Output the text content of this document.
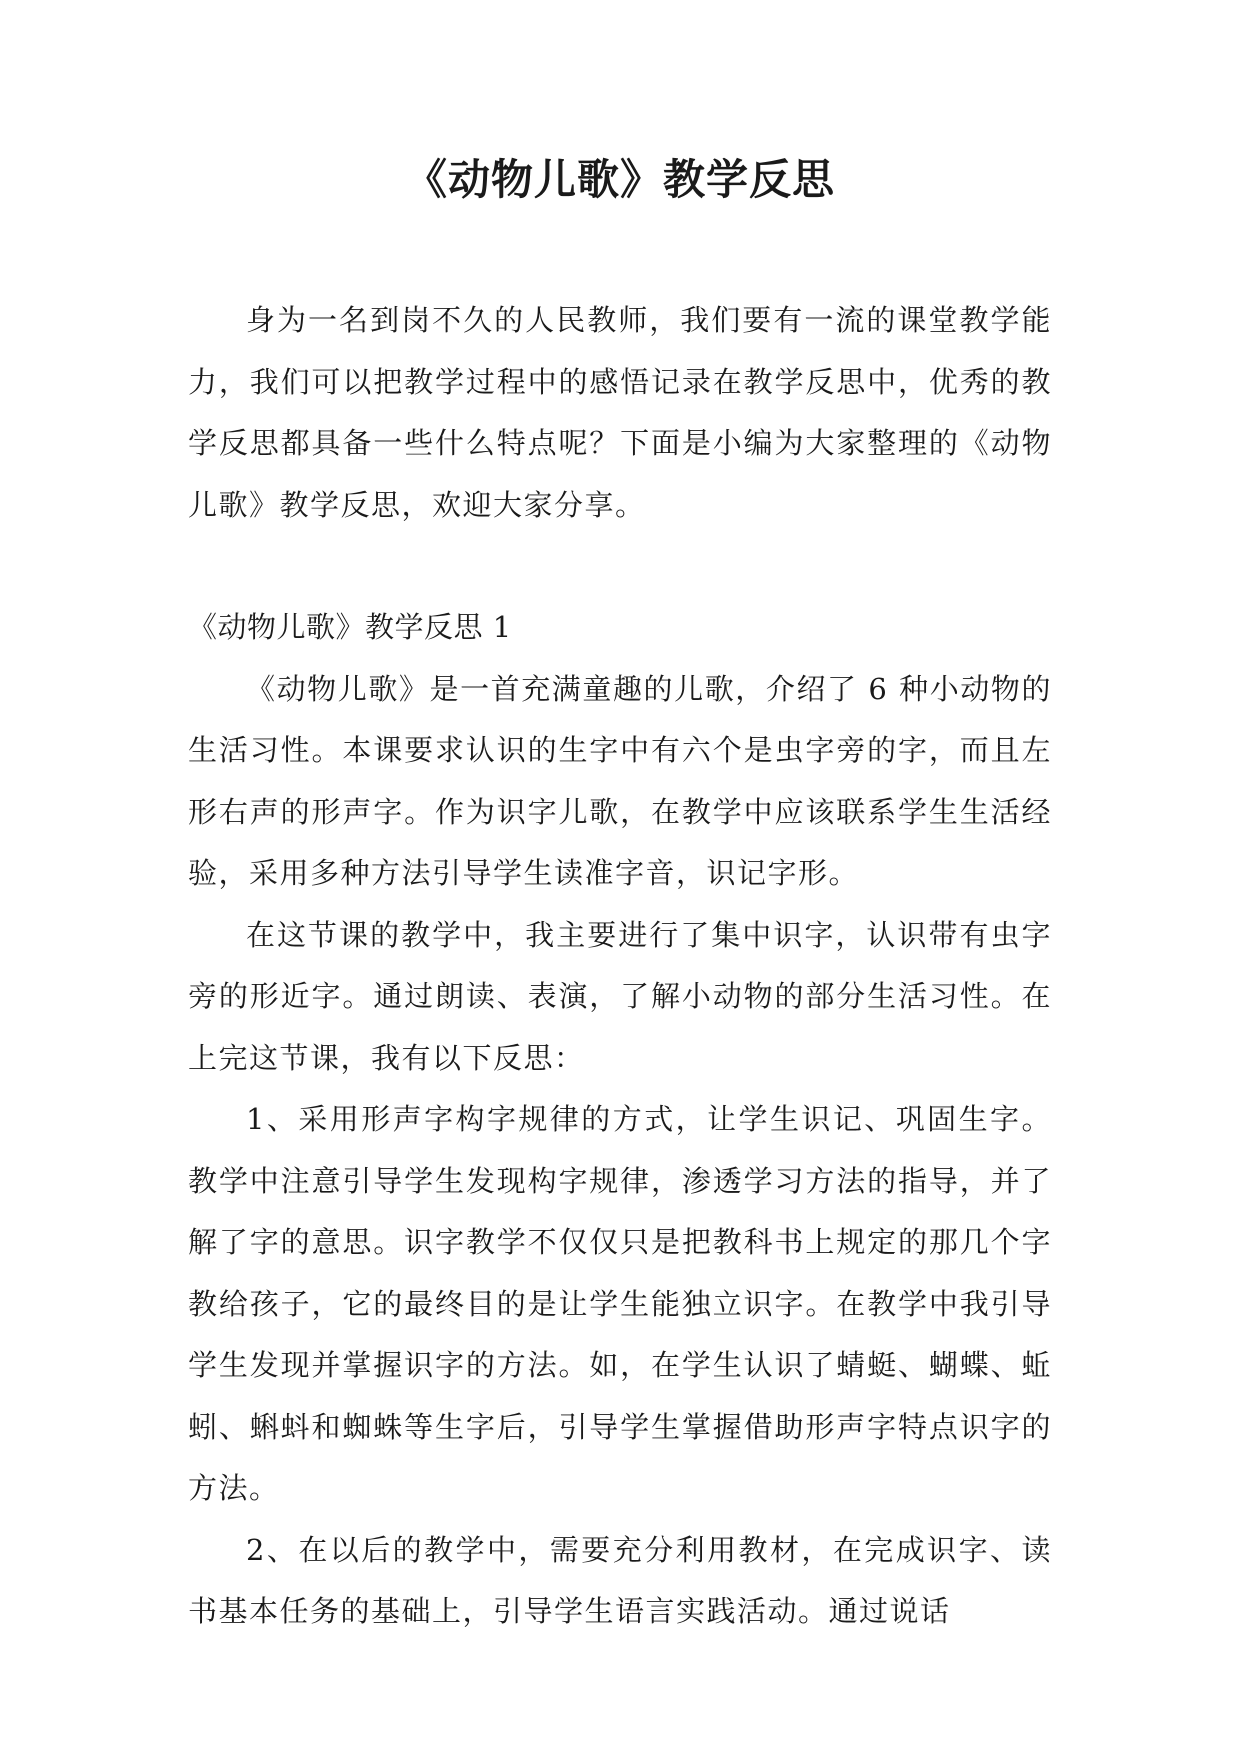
《动物儿歌》教学反思

身为一名到岗不久的人民教师，我们要有一流的课堂教学能力，我们可以把教学过程中的感悟记录在教学反思中，优秀的教学反思都具备一些什么特点呢？下面是小编为大家整理的《动物儿歌》教学反思，欢迎大家分享。

《动物儿歌》教学反思 1

《动物儿歌》是一首充满童趣的儿歌，介绍了 6 种小动物的生活习性。本课要求认识的生字中有六个是虫字旁的字，而且左形右声的形声字。作为识字儿歌，在教学中应该联系学生生活经验，采用多种方法引导学生读准字音，识记字形。

在这节课的教学中，我主要进行了集中识字，认识带有虫字旁的形近字。通过朗读、表演，了解小动物的部分生活习性。在上完这节课，我有以下反思：

1、采用形声字构字规律的方式，让学生识记、巩固生字。教学中注意引导学生发现构字规律，渗透学习方法的指导，并了解了字的意思。识字教学不仅仅只是把教科书上规定的那几个字教给孩子，它的最终目的是让学生能独立识字。在教学中我引导学生发现并掌握识字的方法。如，在学生认识了蜻蜓、蝴蝶、蚯蚓、蝌蚪和蜘蛛等生字后，引导学生掌握借助形声字特点识字的方法。

2、在以后的教学中，需要充分利用教材，在完成识字、读书基本任务的基础上，引导学生语言实践活动。通过说话
